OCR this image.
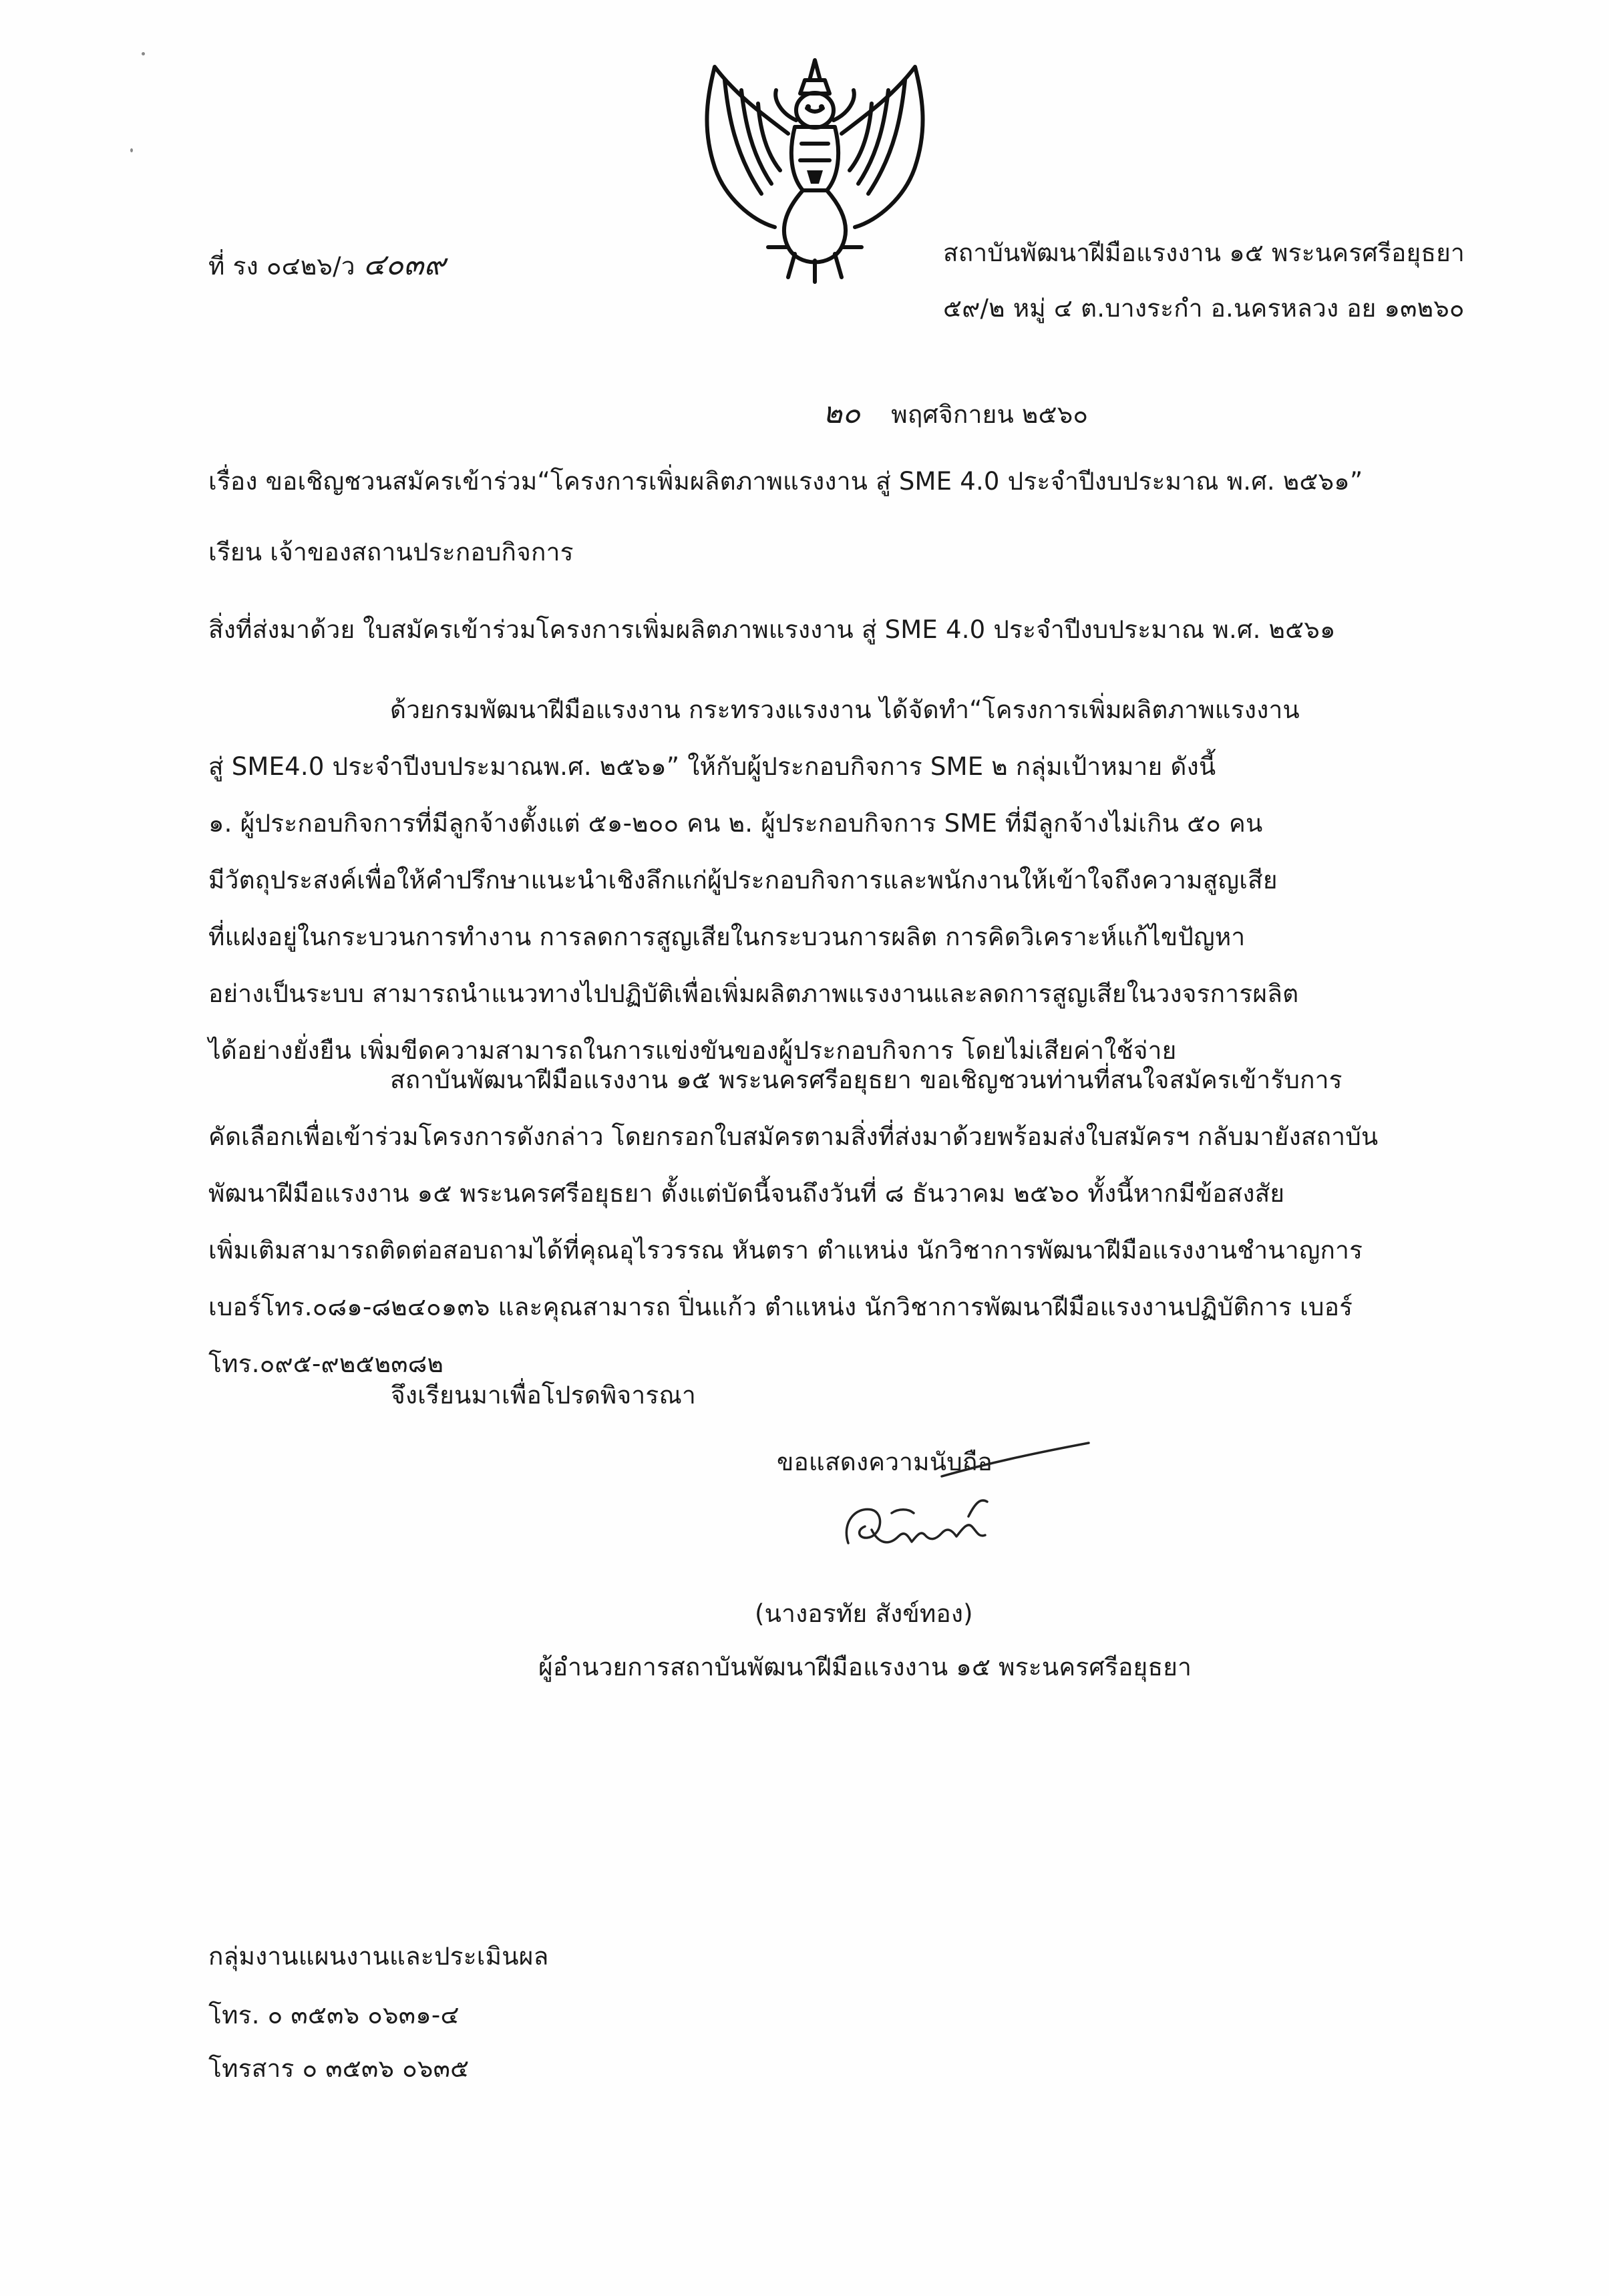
ที่ รง ๐๔๒๖/ว ๔๐๓๙	สถาบันพัฒนาฝีมือแรงงาน ๑๕ พระนครศรีอยุธยา
๕๙/๒ หมู่ ๔ ต.บางระกำ อ.นครหลวง อย ๑๓๒๖๐
๒๐ พฤศจิกายน ๒๕๖๐
เรื่อง ขอเชิญชวนสมัครเข้าร่วม“โครงการเพิ่มผลิตภาพแรงงาน สู่ SME 4.0 ประจำปีงบประมาณ พ.ศ. ๒๕๖๑”
เรียน เจ้าของสถานประกอบกิจการ
สิ่งที่ส่งมาด้วย ใบสมัครเข้าร่วมโครงการเพิ่มผลิตภาพแรงงาน สู่ SME 4.0 ประจำปีงบประมาณ พ.ศ. ๒๕๖๑
ด้วยกรมพัฒนาฝีมือแรงงาน กระทรวงแรงงาน ได้จัดทำ“โครงการเพิ่มผลิตภาพแรงงาน
สู่ SME4.0 ประจำปีงบประมาณพ.ศ. ๒๕๖๑” ให้กับผู้ประกอบกิจการ SME ๒ กลุ่มเป้าหมาย ดังนี้
๑. ผู้ประกอบกิจการที่มีลูกจ้างตั้งแต่ ๕๑-๒๐๐ คน ๒. ผู้ประกอบกิจการ SME ที่มีลูกจ้างไม่เกิน ๕๐ คน
มีวัตถุประสงค์เพื่อให้คำปรึกษาแนะนำเชิงลึกแก่ผู้ประกอบกิจการและพนักงานให้เข้าใจถึงความสูญเสีย
ที่แฝงอยู่ในกระบวนการทำงาน การลดการสูญเสียในกระบวนการผลิต การคิดวิเคราะห์แก้ไขปัญหา
อย่างเป็นระบบ สามารถนำแนวทางไปปฏิบัติเพื่อเพิ่มผลิตภาพแรงงานและลดการสูญเสียในวงจรการผลิต
ได้อย่างยั่งยืน เพิ่มขีดความสามารถในการแข่งขันของผู้ประกอบกิจการ โดยไม่เสียค่าใช้จ่าย
สถาบันพัฒนาฝีมือแรงงาน ๑๕ พระนครศรีอยุธยา ขอเชิญชวนท่านที่สนใจสมัครเข้ารับการ
คัดเลือกเพื่อเข้าร่วมโครงการดังกล่าว โดยกรอกใบสมัครตามสิ่งที่ส่งมาด้วยพร้อมส่งใบสมัครฯ กลับมายังสถาบัน
พัฒนาฝีมือแรงงาน ๑๕ พระนครศรีอยุธยา ตั้งแต่บัดนี้จนถึงวันที่ ๘ ธันวาคม ๒๕๖๐ ทั้งนี้หากมีข้อสงสัย
เพิ่มเติมสามารถติดต่อสอบถามได้ที่คุณอุไรวรรณ หันตรา ตำแหน่ง นักวิชาการพัฒนาฝีมือแรงงานชำนาญการ
เบอร์โทร.๐๘๑-๘๒๔๐๑๓๖ และคุณสามารถ ปิ่นแก้ว ตำแหน่ง นักวิชาการพัฒนาฝีมือแรงงานปฏิบัติการ เบอร์
โทร.๐๙๕-๙๒๕๒๓๘๒
จึงเรียนมาเพื่อโปรดพิจารณา
ขอแสดงความนับถือ
(นางอรทัย สังข์ทอง)
ผู้อำนวยการสถาบันพัฒนาฝีมือแรงงาน ๑๕ พระนครศรีอยุธยา
กลุ่มงานแผนงานและประเมินผล
โทร. ๐ ๓๕๓๖ ๐๖๓๑-๔
โทรสาร ๐ ๓๕๓๖ ๐๖๓๕
